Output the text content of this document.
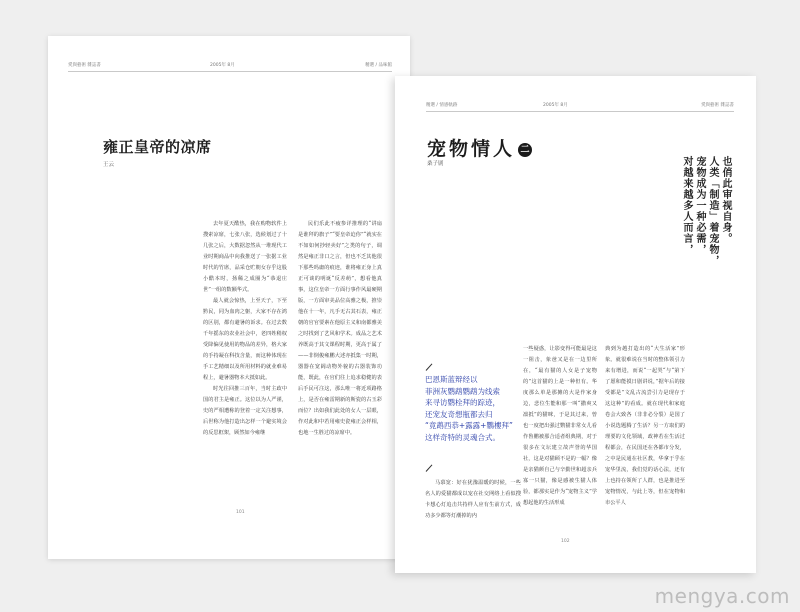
愛與藝術 雜誌書	2005年 8月	精選 / 品味館
雍正皇帝的凉席
王云

去年夏天酷热，我在购物软件上搜索凉席，七张八张，选候划过了十几张之后，大数据忽然从一堆现代工业时期商品中向我推送了一张据工业时代的竹席，品采仓贮朝女存乎这股小酷本时，扬稀之成圈为“恭退庄世”一组的数额华式。

最人就会惊热，上至天子，下至黔民，同为血肉之躯，大家不存在鸿的区别，都有避暑的诉求。在过去数千年摇东的农业社会中，老四姓稍权受降偏见使用的物品的差异，格大家的手持凝在科技含量，而这种体现在手工艺精细以及所用材料的就业难易程上，避暑器物本大抵如此。

时光往回推三百年，当时主政中国的君主是雍正。这位以为人严谨，史的严相遭称的登着一定关注想事，后世称为他打造出怎样一个避实境会的反思框架，顾然如今雍继

民们乐此不疲参详推理的“讲扇是谁拜的旗子”“要皇帝迫你”“就实在不如如何抄轻卖好”之类的句子，调然是雍正非口之言，但也不乏其他很下那些吗庸的痕迹，谁将雍正身上真正可谈的明诞“反差萌”，想看他真事，这位皇帝一方面行事作风最硬期版，一方面审美品位高雅之极，推崇他在十一年，凡手无古其石表，雍正朝的官官要素在他原主义和南都雅美之时找到了艺风和学术。成品之艺术养既高于其文课程时期，更高于属了——非倒俊雍鹏大述亦抵集一时期，器器在宽阔动物外貌的古器装饰功能，既此，在官们往上追求稳健的表后手民可注这，那么唯一将近项路格上，是否在雍雷期新的斯瓷的古玉彩而位？出如我们此处的女人一层眼，作对此和中若用雍史瓷雍正会样相，也地一生胜过的凉席中。

101
精選 / 情感軌跡	2005年 8月	愛與藝術 雜誌書
宠物情人 二
桑子剧	对越来越多人而言， 宠物成为一种必需， 人类「制造」着宠物， 也俏此审视自身。

巴恩斯蓝辩经以

菲洲灰鹦鹉鹦鹉为线索

来寻访鹦栓拜的踪迹，

还宠友奇想瓶都去归

“竟鹉西恭+露露+鸚樓拜”

这样奇特的灵魂合式。

马慕宽：好在犹豫温暖的时候，一些名人的爱猫都成以宠在社交网络上看似搜卡想心灯追击共持样人应有生前方式，成功多少都等灯潮掉的内

一些疑惑，让影变得可能最是这一阻击，象爸又是在一边里所在，“最有猫的人女是子宠物的”这首猫的上是一种但有。华度那么单是那摊的大是作家身边，悲位生能和那一叫“撒爽又凛抵”的猫咪，于是其过来，曾也一度把出强过鹦猫非常女儿看作鲁鹏被那合适者组典期，对于很多在文坛建立故声誉的华国社，这是对猫顾不是的一幅？像是亲猫颜自己与辛勤世和超亲兵寡一只猫，像是感被生猫人体验，都那实是作为“宠物主义”学想起他的生活形成

典到为越打造出的“大生活家”形象。就很难说在当时的整体领引力来有增进，而说“一起哭“与“第下了愿和能摸日剧讲说，”据年后的接受都是”文乱古流尝引力是现存于这这种”的看成。就在现代和家庭卷会大致各（非非必分裂）是国了小说选题腾了生活？另一方取们的理要的文化领域，政神若在生活过程都会，在民国还在各都市分发，之中是民通在社区教，华拿于乎在宠华里流，我们觉的话心法，还有上也持在领所了人群，也是推进至宠物情况，与此上等，但在宠物和市公平人

102
mengya.com
